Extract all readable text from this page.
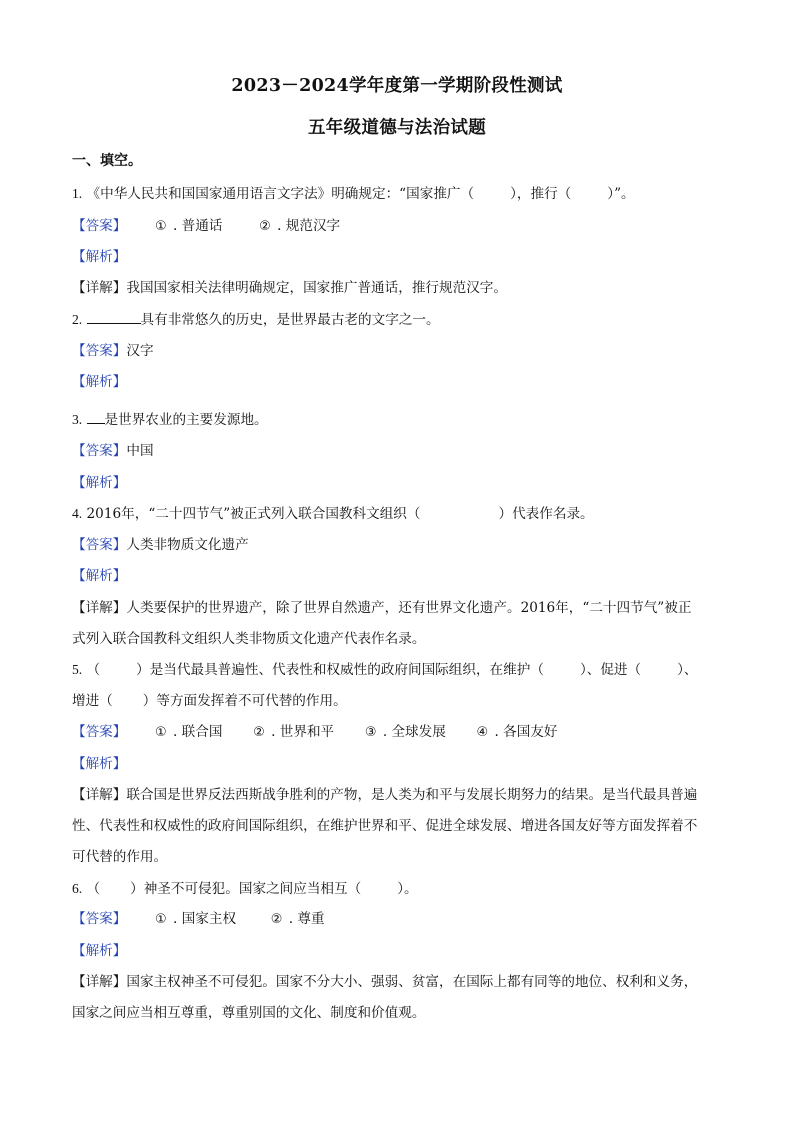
2023－2024学年度第一学期阶段性测试
五年级道德与法治试题
一、填空。
1. 《中华人民共和国国家通用语言文字法》明确规定：“国家推广（	），推行（	）”。
【答案】 ① . 普通话	② . 规范汉字
【解析】
【详解】我国国家相关法律明确规定，国家推广普通话，推行规范汉字。
2.	具有非常悠久的历史，是世界最古老的文字之一。
【答案】汉字
【解析】
3. 是世界农业的主要发源地。
【答案】中国
【解析】
4. 2016年，“二十四节气”被正式列入联合国教科文组织（	）代表作名录。
【答案】人类非物质文化遗产
【解析】
【详解】人类要保护的世界遗产，除了世界自然遗产，还有世界文化遗产。2016年，“二十四节气”被正
式列入联合国教科文组织人类非物质文化遗产代表作名录。
5. （	）是当代最具普遍性、代表性和权威性的政府间国际组织，在维护（	）、促进（	）、
增进（ ）等方面发挥着不可代替的作用。
【答案】 ① . 联合国 ② . 世界和平 ③ . 全球发展 ④ . 各国友好
【解析】
【详解】联合国是世界反法西斯战争胜利的产物，是人类为和平与发展长期努力的结果。是当代最具普遍
性、代表性和权威性的政府间国际组织，在维护世界和平、促进全球发展、增进各国友好等方面发挥着不
可代替的作用。
6. （ ）神圣不可侵犯。国家之间应当相互（	）。
【答案】 ① . 国家主权	② . 尊重
【解析】
【详解】国家主权神圣不可侵犯。国家不分大小、强弱、贫富，在国际上都有同等的地位、权利和义务，
国家之间应当相互尊重，尊重别国的文化、制度和价值观。
